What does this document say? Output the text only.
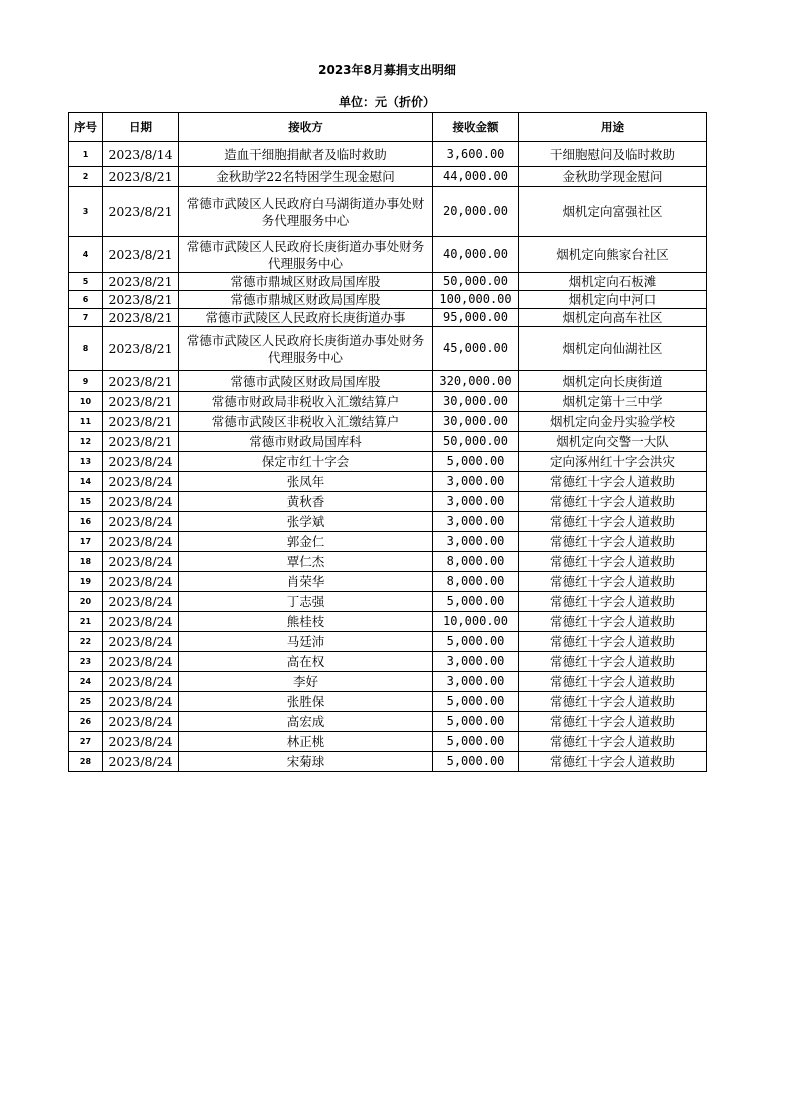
2023年8月募捐支出明细
单位：元（折价）
序号	日期	接收方	接收金额	用途
1	2023/8/14	造血干细胞捐献者及临时救助	3,600.00	干细胞慰问及临时救助
2	2023/8/21	金秋助学22名特困学生现金慰问	44,000.00	金秋助学现金慰问
3	2023/8/21	常德市武陵区人民政府白马湖街道办事处财务代理服务中心	20,000.00	烟机定向富强社区
4	2023/8/21	常德市武陵区人民政府长庚街道办事处财务代理服务中心	40,000.00	烟机定向熊家台社区
5	2023/8/21	常德市鼎城区财政局国库股	50,000.00	烟机定向石板滩
6	2023/8/21	常德市鼎城区财政局国库股	100,000.00	烟机定向中河口
7	2023/8/21	常德市武陵区人民政府长庚街道办事	95,000.00	烟机定向高车社区
8	2023/8/21	常德市武陵区人民政府长庚街道办事处财务代理服务中心	45,000.00	烟机定向仙湖社区
9	2023/8/21	常德市武陵区财政局国库股	320,000.00	烟机定向长庚街道
10	2023/8/21	常德市财政局非税收入汇缴结算户	30,000.00	烟机定第十三中学
11	2023/8/21	常德市武陵区非税收入汇缴结算户	30,000.00	烟机定向金丹实验学校
12	2023/8/21	常德市财政局国库科	50,000.00	烟机定向交警一大队
13	2023/8/24	保定市红十字会	5,000.00	定向涿州红十字会洪灾
14	2023/8/24	张凤年	3,000.00	常德红十字会人道救助
15	2023/8/24	黄秋香	3,000.00	常德红十字会人道救助
16	2023/8/24	张学斌	3,000.00	常德红十字会人道救助
17	2023/8/24	郭金仁	3,000.00	常德红十字会人道救助
18	2023/8/24	覃仁杰	8,000.00	常德红十字会人道救助
19	2023/8/24	肖荣华	8,000.00	常德红十字会人道救助
20	2023/8/24	丁志强	5,000.00	常德红十字会人道救助
21	2023/8/24	熊桂枝	10,000.00	常德红十字会人道救助
22	2023/8/24	马廷沛	5,000.00	常德红十字会人道救助
23	2023/8/24	高在权	3,000.00	常德红十字会人道救助
24	2023/8/24	李好	3,000.00	常德红十字会人道救助
25	2023/8/24	张胜保	5,000.00	常德红十字会人道救助
26	2023/8/24	高宏成	5,000.00	常德红十字会人道救助
27	2023/8/24	林正桃	5,000.00	常德红十字会人道救助
28	2023/8/24	宋菊球	5,000.00	常德红十字会人道救助
